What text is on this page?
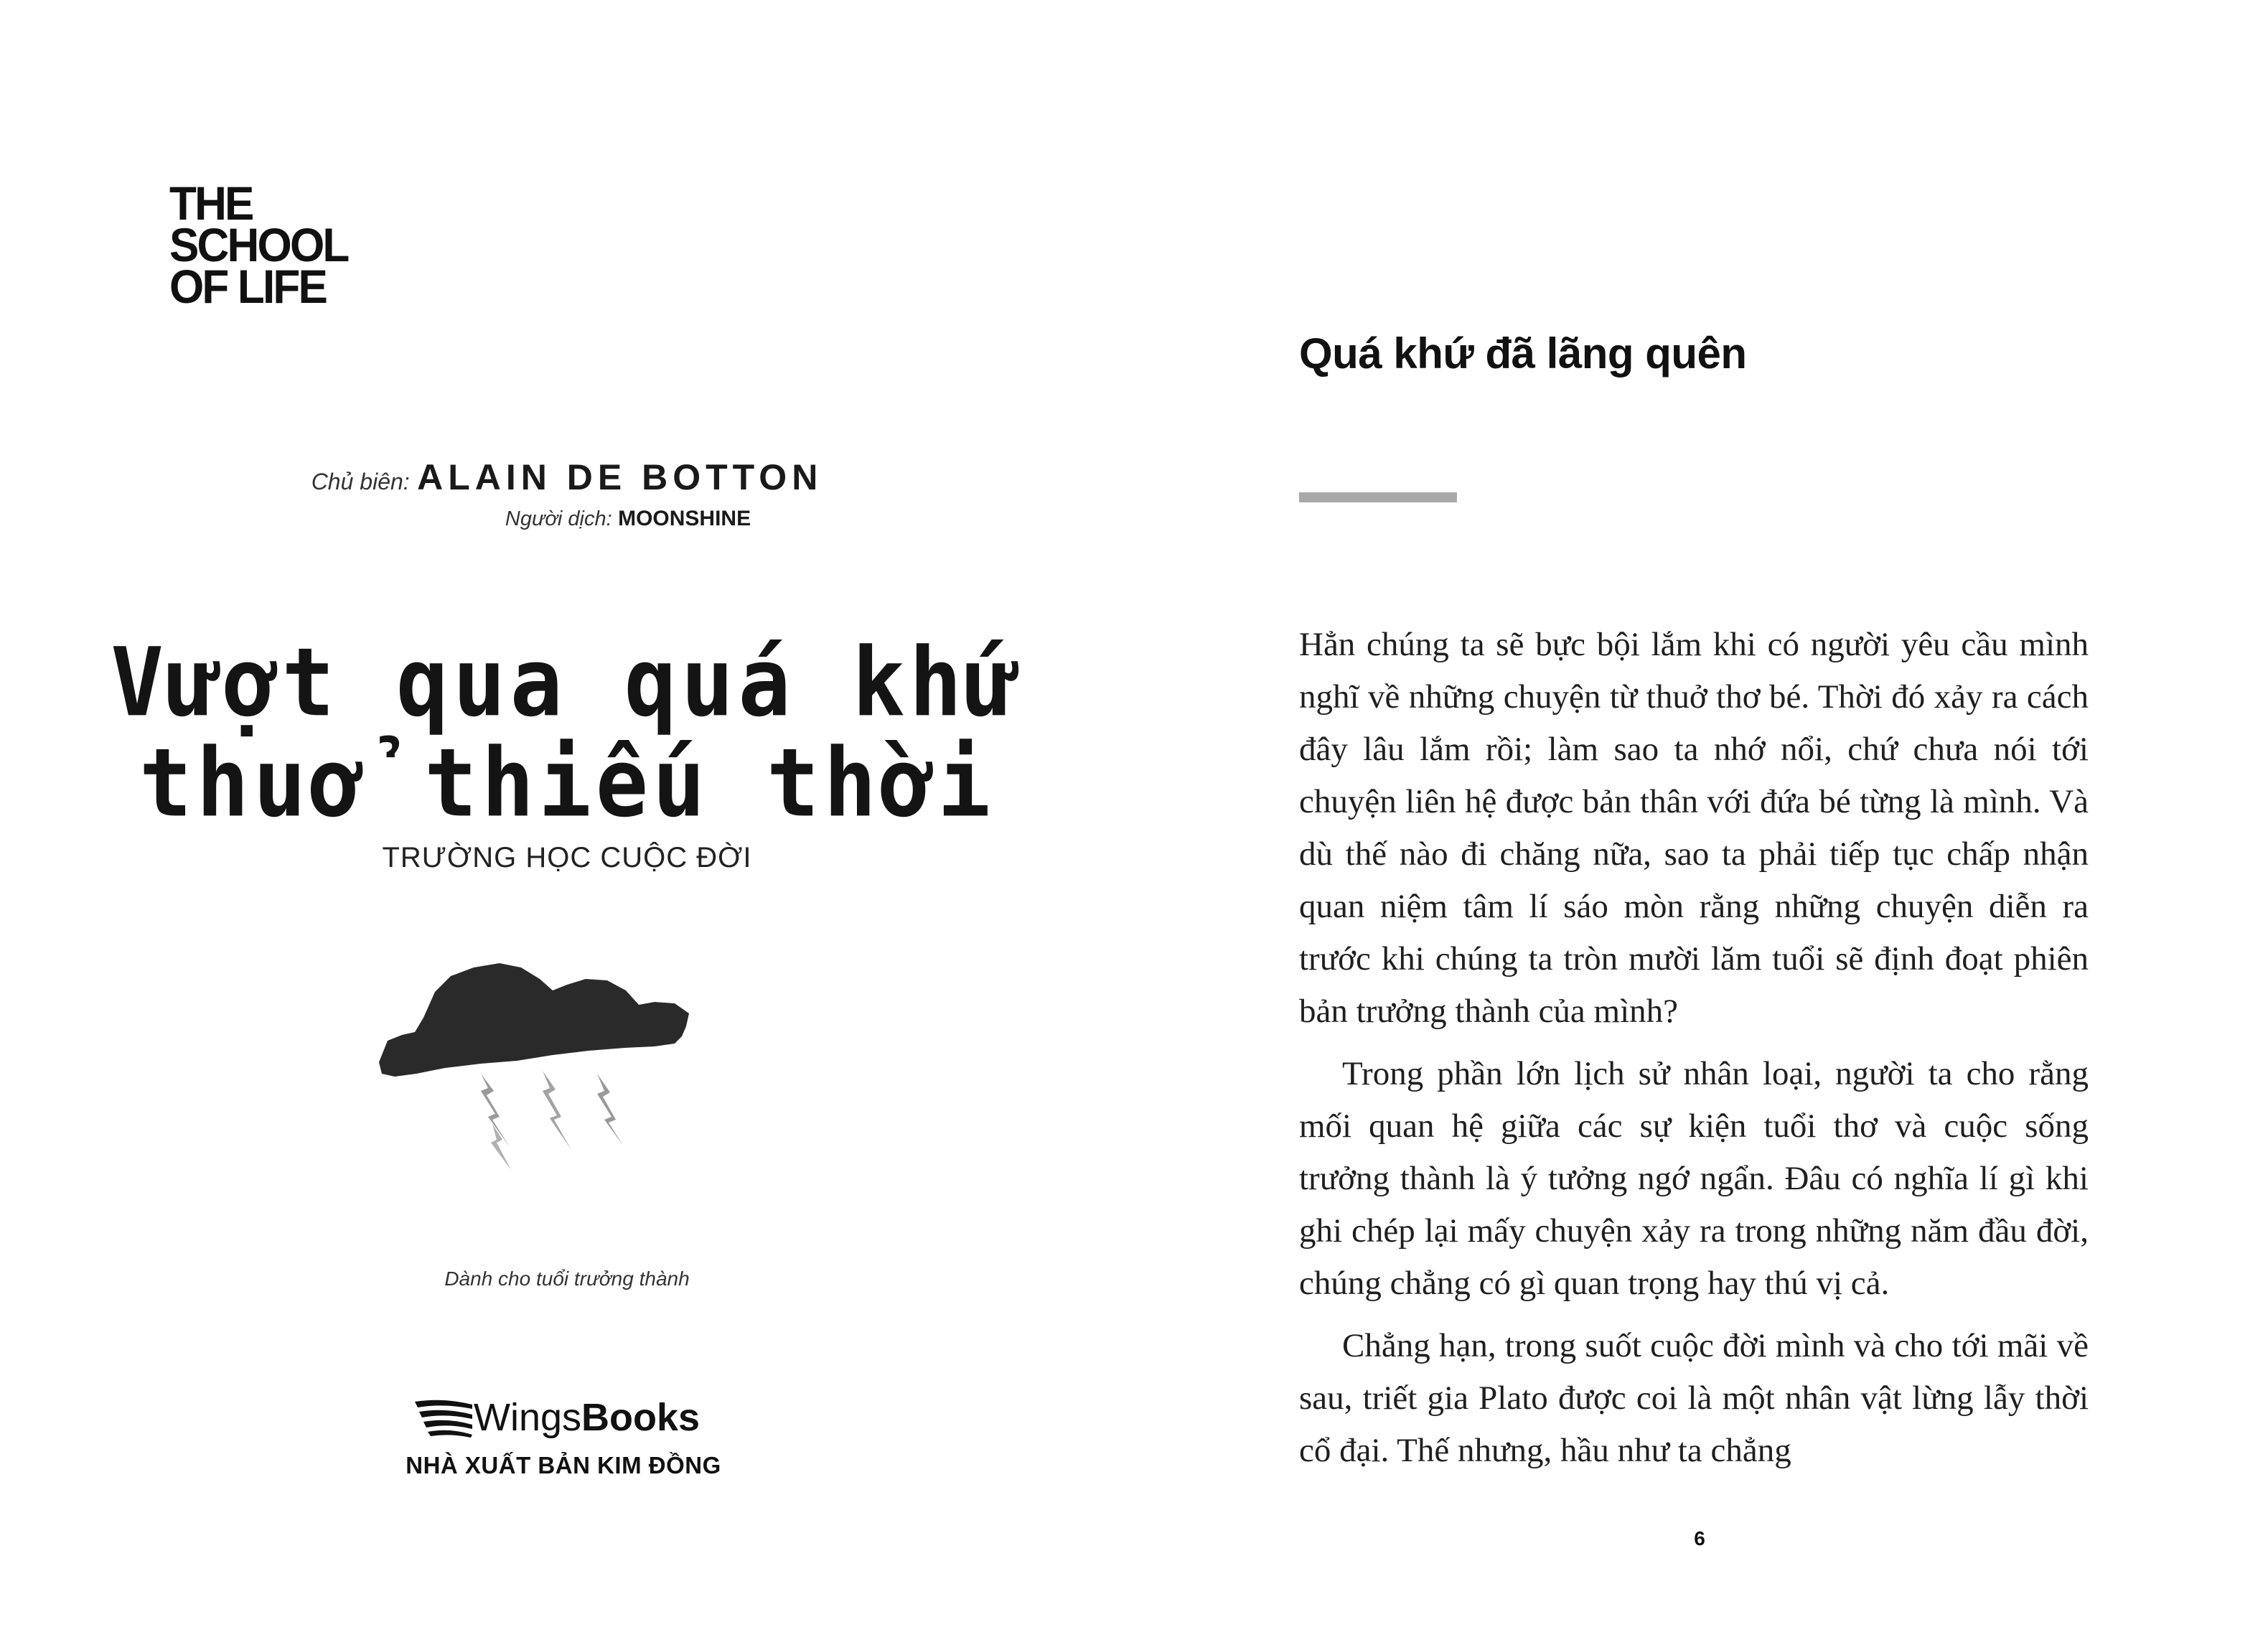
THE
SCHOOL
OF LIFE
Chủ biên: ALAIN DE BOTTON
Người dịch: MOONSHINE
Vượt qua quá khứ
thuở thiếu thời
TRƯỜNG HỌC CUỘC ĐỜI
Dành cho tuổi trưởng thành
WingsBooks
NHÀ XUẤT BẢN KIM ĐỒNG
Quá khứ đã lãng quên

Hẳn chúng ta sẽ bực bội lắm khi có người yêu cầu mình nghĩ về những chuyện từ thuở thơ bé. Thời đó xảy ra cách đây lâu lắm rồi; làm sao ta nhớ nổi, chứ chưa nói tới chuyện liên hệ được bản thân với đứa bé từng là mình. Và dù thế nào đi chăng nữa, sao ta phải tiếp tục chấp nhận quan niệm tâm lí sáo mòn rằng những chuyện diễn ra trước khi chúng ta tròn mười lăm tuổi sẽ định đoạt phiên bản trưởng thành của mình?

Trong phần lớn lịch sử nhân loại, người ta cho rằng mối quan hệ giữa các sự kiện tuổi thơ và cuộc sống trưởng thành là ý tưởng ngớ ngẩn. Đâu có nghĩa lí gì khi ghi chép lại mấy chuyện xảy ra trong những năm đầu đời, chúng chẳng có gì quan trọng hay thú vị cả.

Chẳng hạn, trong suốt cuộc đời mình và cho tới mãi về sau, triết gia Plato được coi là một nhân vật lừng lẫy thời cổ đại. Thế nhưng, hầu như ta chẳng

6
